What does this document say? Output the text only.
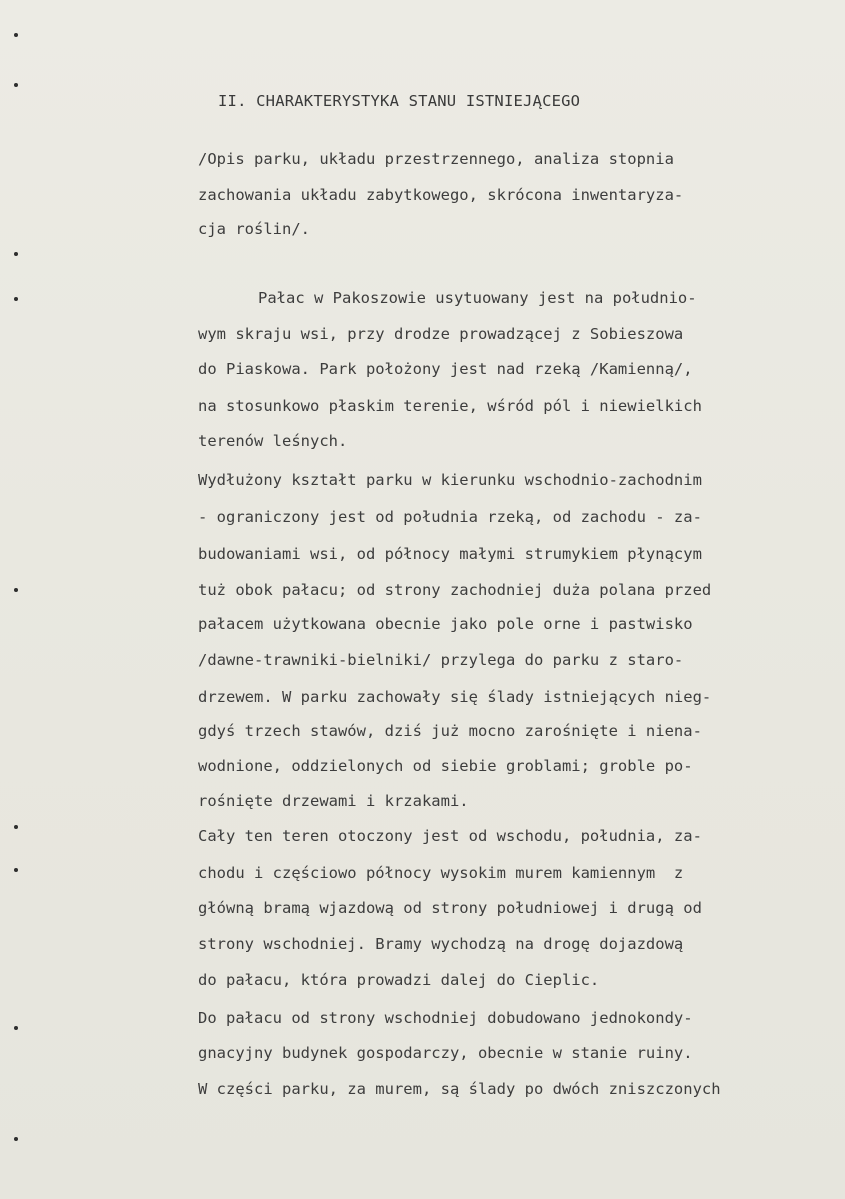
II. CHARAKTERYSTYKA STANU ISTNIEJĄCEGO
/Opis parku, układu przestrzennego, analiza stopnia
zachowania układu zabytkowego, skrócona inwentaryza-
cja roślin/.
Pałac w Pakoszowie usytuowany jest na południo-
wym skraju wsi, przy drodze prowadzącej z Sobieszowa
do Piaskowa. Park położony jest nad rzeką /Kamienną/,
na stosunkowo płaskim terenie, wśród pól i niewielkich
terenów leśnych.
Wydłużony kształt parku w kierunku wschodnio-zachodnim
- ograniczony jest od południa rzeką, od zachodu - za-
budowaniami wsi, od północy małymi strumykiem płynącym
tuż obok pałacu; od strony zachodniej duża polana przed
pałacem użytkowana obecnie jako pole orne i pastwisko
/dawne-trawniki-bielniki/ przylega do parku z staro-
drzewem. W parku zachowały się ślady istniejących nieg-
gdyś trzech stawów, dziś już mocno zarośnięte i niena-
wodnione, oddzielonych od siebie groblami; groble po-
rośnięte drzewami i krzakami.
Cały ten teren otoczony jest od wschodu, południa, za-
chodu i częściowo północy wysokim murem kamiennym  z
główną bramą wjazdową od strony południowej i drugą od
strony wschodniej. Bramy wychodzą na drogę dojazdową
do pałacu, która prowadzi dalej do Cieplic.
Do pałacu od strony wschodniej dobudowano jednokondy-
gnacyjny budynek gospodarczy, obecnie w stanie ruiny.
W części parku, za murem, są ślady po dwóch zniszczonych
